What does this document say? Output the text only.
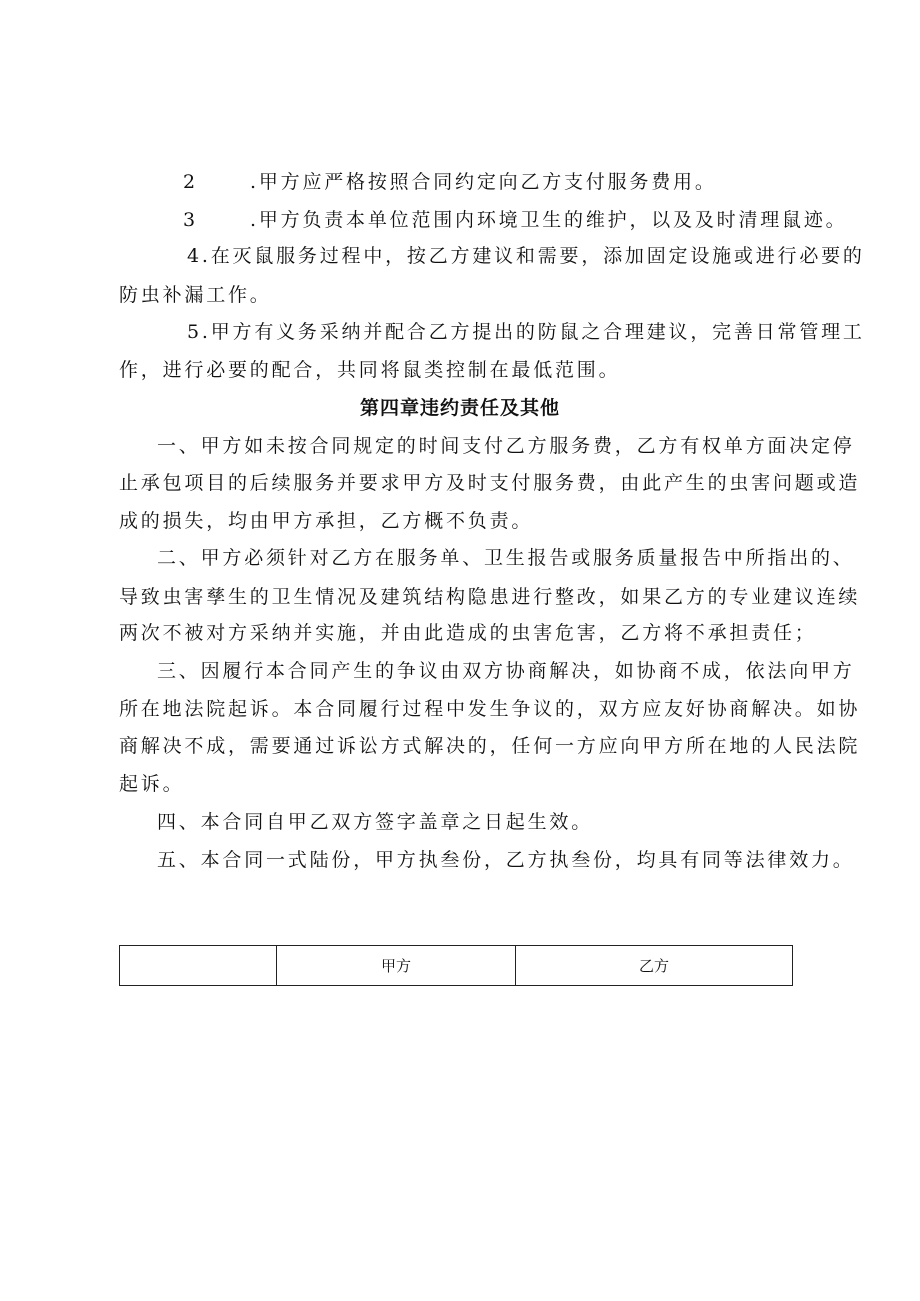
2	.甲方应严格按照合同约定向乙方支付服务费用。
3	.甲方负责本单位范围内环境卫生的维护，以及及时清理鼠迹。
4.在灭鼠服务过程中，按乙方建议和需要，添加固定设施或进行必要的
防虫补漏工作。
5.甲方有义务采纳并配合乙方提出的防鼠之合理建议，完善日常管理工
作，进行必要的配合，共同将鼠类控制在最低范围。
第四章违约责任及其他
一、甲方如未按合同规定的时间支付乙方服务费，乙方有权单方面决定停
止承包项目的后续服务并要求甲方及时支付服务费，由此产生的虫害问题或造
成的损失，均由甲方承担，乙方概不负责。
二、甲方必须针对乙方在服务单、卫生报告或服务质量报告中所指出的、
导致虫害孳生的卫生情况及建筑结构隐患进行整改，如果乙方的专业建议连续
两次不被对方采纳并实施，并由此造成的虫害危害，乙方将不承担责任；
三、因履行本合同产生的争议由双方协商解决，如协商不成，依法向甲方
所在地法院起诉。本合同履行过程中发生争议的，双方应友好协商解决。如协
商解决不成，需要通过诉讼方式解决的，任何一方应向甲方所在地的人民法院
起诉。
四、本合同自甲乙双方签字盖章之日起生效。
五、本合同一式陆份，甲方执叁份，乙方执叁份，均具有同等法律效力。
	甲方	乙方
